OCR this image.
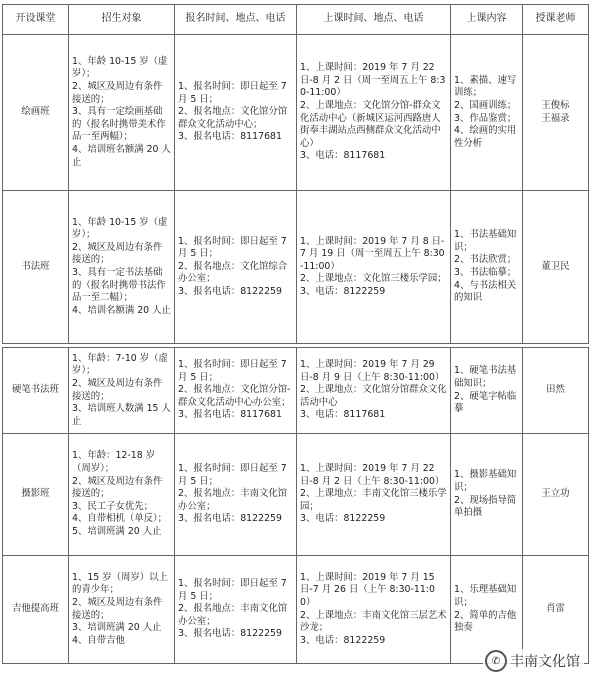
开设课堂	招生对象	报名时间、地点、电话	上课时间、地点、电话	上课内容	授课老师
绘画班	1、年龄 10-15 岁（虚岁）；
2、城区及周边有条件接送的；
3、具有一定绘画基础的（报名时携带美术作品一至两幅）；
4、培训班名额满 20 人止	1、报名时间：即日起至 7 月 5 日；
2、报名地点：文化馆分馆群众文化活动中心；
3、报名电话：8117681	1、上课时间：2019 年 7 月 22 日-8 月 2 日（周一至周五上午 8:30-11:00）
2、上课地点：文化馆分馆-群众文化活动中心（新城区运河西路唐人街奉丰湖站点西侧群众文化活动中心）
3、电话：8117681	1、素描、速写训练；
2、国画训练；
3、作品鉴赏；
4、绘画的实用性分析	王俊标
王福录
书法班	1、年龄 10-15 岁（虚岁）；
2、城区及周边有条件接送的；
3、具有一定书法基础的（报名时携带书法作品一至二幅）；
4、培训名额满 20 人止	1、报名时间：即日起至 7 月 5 日；
2、报名地点：文化馆综合办公室；
3、报名电话：8122259	1、上课时间：2019 年 7 月 8 日-7 月 19 日（周一至周五上午 8:30-11:00）
2、上课地点：文化馆三楼乐学园；
3、电话：8122259	1、书法基础知识；
2、书法欣赏；
3、书法临摹；
4、与书法相关的知识	董卫民

硬笔书法班	1、年龄：7-10 岁（虚岁）；
2、城区及周边有条件接送的；
3、培训班人数满 15 人止	1、报名时间：即日起至 7 月 5 日；
2、报名地点：文化馆分馆-群众文化活动中心办公室；
3、报名电话：8117681	1、上课时间：2019 年 7 月 29 日-8 月 9 日（上午 8:30-11:00）
2、上课地点：文化馆分馆群众文化活动中心
3、电话：8117681	1、硬笔书法基础知识；
2、硬笔字帖临摹	田然
摄影班	1、年龄：12-18 岁（周岁）；
2、城区及周边有条件接送的；
3、民工子女优先；
4、自带相机（单反）；
5、培训班满 20 人止	1、报名时间：即日起至 7 月 5 日；
2、报名地点：丰南文化馆办公室；
3、报名电话：8122259	1、上课时间：2019 年 7 月 22 日-8 月 2 日（上午 8:30-11:00）
2、上课地点：丰南文化馆三楼乐学园；
3、电话：8122259	1、摄影基础知识；
2、现场指导简单拍摄	王立功
吉他提高班	1、15 岁（周岁）以上的青少年；
2、城区及周边有条件接送的；
3、培训班满 20 人止
4、自带吉他	1、报名时间：即日起至 7 月 5 日；
2、报名地点：丰南文化馆办公室；
3、报名电话：8122259	1、上课时间：2019 年 7 月 15 日-7 月 26 日（上午 8:30-11:00）
2、上课地点：丰南文化馆三层艺术沙龙；
3、电话：8122259	1、乐理基础知识；
2、简单的吉他独奏	肖雷
✆ 丰南文化馆
